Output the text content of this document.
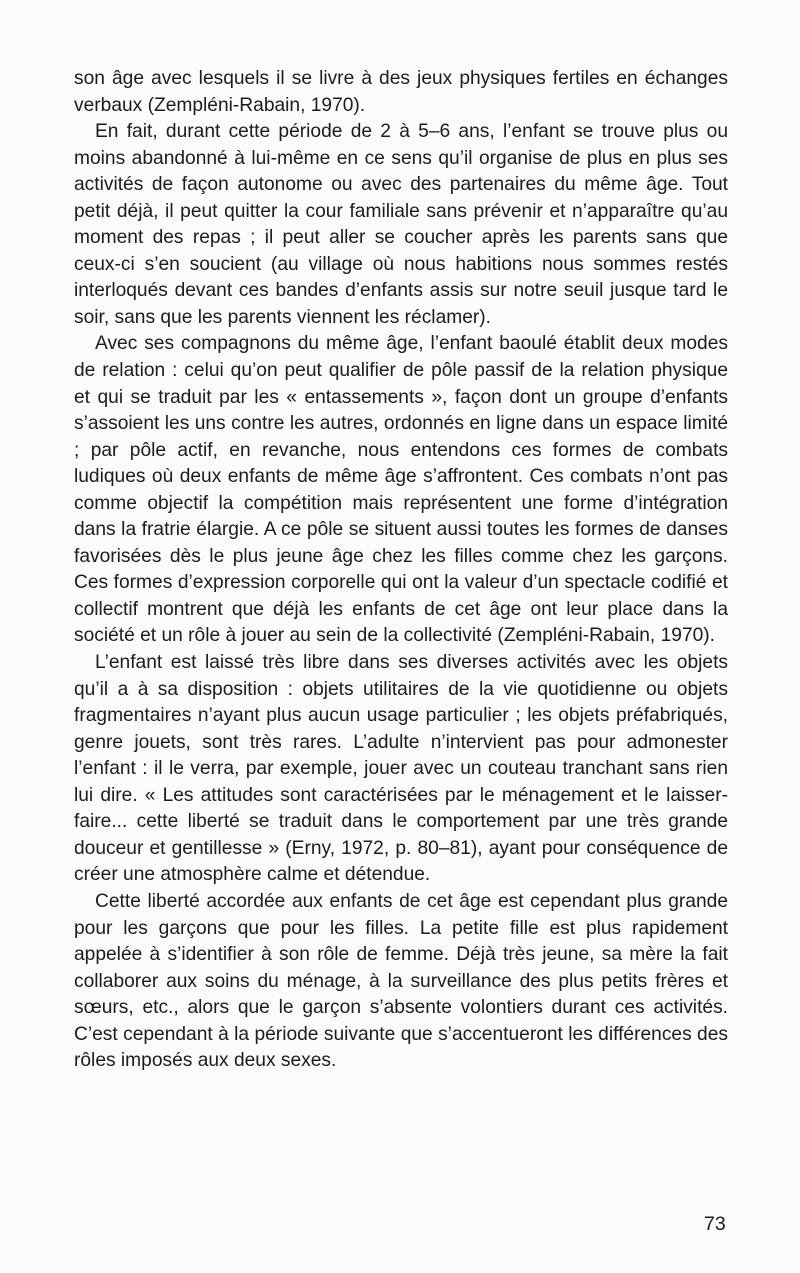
son âge avec lesquels il se livre à des jeux physiques fertiles en échanges verbaux (Zempléni-Rabain, 1970).

En fait, durant cette période de 2 à 5–6 ans, l’enfant se trouve plus ou moins abandonné à lui-même en ce sens qu’il organise de plus en plus ses activités de façon autonome ou avec des partenaires du même âge. Tout petit déjà, il peut quitter la cour familiale sans prévenir et n’apparaître qu’au moment des repas ; il peut aller se coucher après les parents sans que ceux-ci s’en soucient (au village où nous habitions nous sommes restés interloqués devant ces bandes d’enfants assis sur notre seuil jusque tard le soir, sans que les parents viennent les réclamer).

Avec ses compagnons du même âge, l’enfant baoulé établit deux modes de relation : celui qu’on peut qualifier de pôle passif de la relation physique et qui se traduit par les « entassements », façon dont un groupe d’enfants s’assoient les uns contre les autres, ordonnés en ligne dans un espace limité ; par pôle actif, en revanche, nous entendons ces formes de combats ludiques où deux enfants de même âge s’affrontent. Ces combats n’ont pas comme objectif la compétition mais représentent une forme d’intégration dans la fratrie élargie. A ce pôle se situent aussi toutes les formes de danses favorisées dès le plus jeune âge chez les filles comme chez les garçons. Ces formes d’expression corporelle qui ont la valeur d’un spectacle codifié et collectif montrent que déjà les enfants de cet âge ont leur place dans la société et un rôle à jouer au sein de la collectivité (Zempléni-Rabain, 1970).

L’enfant est laissé très libre dans ses diverses activités avec les objets qu’il a à sa disposition : objets utilitaires de la vie quotidienne ou objets fragmentaires n’ayant plus aucun usage particulier ; les objets préfabriqués, genre jouets, sont très rares. L’adulte n’intervient pas pour admonester l’enfant : il le verra, par exemple, jouer avec un couteau tranchant sans rien lui dire. « Les attitudes sont caractérisées par le ménagement et le laisser-faire... cette liberté se traduit dans le comportement par une très grande douceur et gentillesse » (Erny, 1972, p. 80–81), ayant pour conséquence de créer une atmosphère calme et détendue.

Cette liberté accordée aux enfants de cet âge est cependant plus grande pour les garçons que pour les filles. La petite fille est plus rapidement appelée à s’identifier à son rôle de femme. Déjà très jeune, sa mère la fait collaborer aux soins du ménage, à la surveillance des plus petits frères et sœurs, etc., alors que le garçon s’absente volontiers durant ces activités. C’est cependant à la période suivante que s’accentueront les différences des rôles imposés aux deux sexes.

73
